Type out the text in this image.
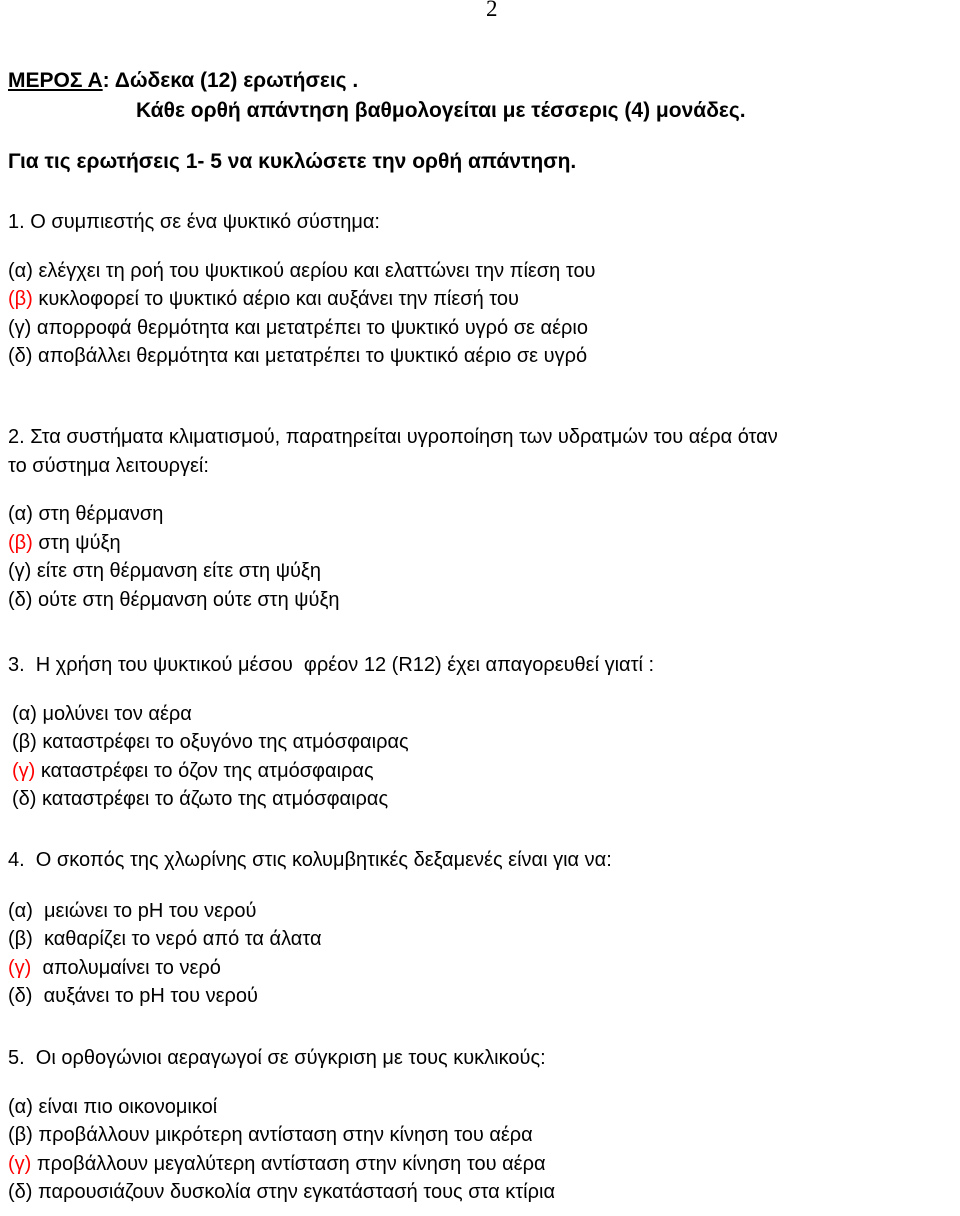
2
ΜΕΡΟΣ Α: Δώδεκα (12) ερωτήσεις .
Κάθε ορθή απάντηση βαθμολογείται με τέσσερις (4) μονάδες.
Για τις ερωτήσεις 1- 5 να κυκλώσετε την ορθή απάντηση.
1. Ο συμπιεστής σε ένα ψυκτικό σύστημα:
(α) ελέγχει τη ροή του ψυκτικού αερίου και ελαττώνει την πίεση του
(β) κυκλοφορεί το ψυκτικό αέριο και αυξάνει την πίεσή του
(γ) απορροφά θερμότητα και μετατρέπει το ψυκτικό υγρό σε αέριο
(δ) αποβάλλει θερμότητα και μετατρέπει το ψυκτικό αέριο σε υγρό
2. Στα συστήματα κλιματισμού, παρατηρείται υγροποίηση των υδρατμών του αέρα όταν
το σύστημα λειτουργεί:
(α) στη θέρμανση
(β) στη ψύξη
(γ) είτε στη θέρμανση είτε στη ψύξη
(δ) ούτε στη θέρμανση ούτε στη ψύξη
3.  Η χρήση του ψυκτικού μέσου  φρέον 12 (R12) έχει απαγορευθεί γιατί :
(α) μολύνει τον αέρα
(β) καταστρέφει το οξυγόνο της ατμόσφαιρας
(γ) καταστρέφει το όζον της ατμόσφαιρας
(δ) καταστρέφει το άζωτο της ατμόσφαιρας
4.  Ο σκοπός της χλωρίνης στις κολυμβητικές δεξαμενές είναι για να:
(α)  μειώνει το pH του νερού
(β)  καθαρίζει το νερό από τα άλατα
(γ)  απολυμαίνει το νερό
(δ)  αυξάνει το pH του νερού
5.  Οι ορθογώνιοι αεραγωγοί σε σύγκριση με τους κυκλικούς:
(α) είναι πιο οικονομικοί
(β) προβάλλουν μικρότερη αντίσταση στην κίνηση του αέρα
(γ) προβάλλουν μεγαλύτερη αντίσταση στην κίνηση του αέρα
(δ) παρουσιάζουν δυσκολία στην εγκατάστασή τους στα κτίρια
